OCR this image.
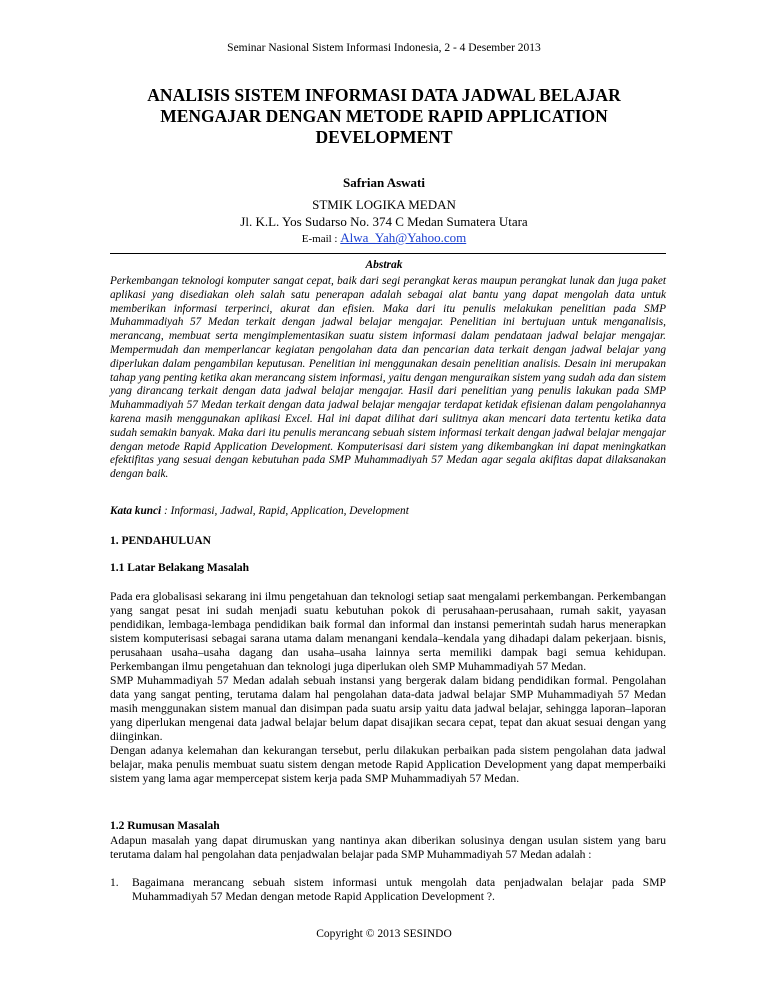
Seminar Nasional Sistem Informasi Indonesia, 2 - 4 Desember 2013
ANALISIS SISTEM INFORMASI DATA JADWAL BELAJAR MENGAJAR DENGAN METODE RAPID APPLICATION DEVELOPMENT
Safrian Aswati
STMIK LOGIKA MEDAN
Jl. K.L. Yos Sudarso No. 374 C Medan Sumatera Utara
E-mail : Alwa_Yah@Yahoo.com
Abstrak

Perkembangan teknologi komputer sangat cepat, baik dari segi perangkat keras maupun perangkat lunak dan juga paket aplikasi yang disediakan oleh salah satu penerapan adalah sebagai alat bantu yang dapat mengolah data untuk memberikan informasi terperinci, akurat dan efisien. Maka dari itu penulis melakukan penelitian pada SMP Muhammadiyah 57 Medan terkait dengan jadwal belajar mengajar. Penelitian ini bertujuan untuk menganalisis, merancang, membuat serta mengimplementasikan suatu sistem informasi dalam pendataan jadwal belajar mengajar. Mempermudah dan memperlancar kegiatan pengolahan data dan pencarian data terkait dengan jadwal belajar yang diperlukan dalam pengambilan keputusan. Penelitian ini menggunakan desain penelitian analisis. Desain ini merupakan tahap yang penting ketika akan merancang sistem informasi, yaitu dengan menguraikan sistem yang sudah ada dan sistem yang dirancang terkait dengan data jadwal belajar mengajar. Hasil dari penelitian yang penulis lakukan pada SMP Muhammadiyah 57 Medan terkait dengan data jadwal belajar mengajar terdapat ketidak efisienan dalam pengolahannya karena masih menggunakan aplikasi Excel. Hal ini dapat dilihat dari sulitnya akan mencari data tertentu ketika data sudah semakin banyak. Maka dari itu penulis merancang sebuah sistem informasi terkait dengan jadwal belajar mengajar dengan metode Rapid Application Development. Komputerisasi dari sistem yang dikembangkan ini dapat meningkatkan efektifitas yang sesuai dengan kebutuhan pada SMP Muhammadiyah 57 Medan agar segala akifitas dapat dilaksanakan dengan baik.

Kata kunci : Informasi, Jadwal, Rapid, Application, Development
1. PENDAHULUAN
1.1 Latar Belakang Masalah

Pada era globalisasi sekarang ini ilmu pengetahuan dan teknologi setiap saat mengalami perkembangan. Perkembangan yang sangat pesat ini sudah menjadi suatu kebutuhan pokok di perusahaan-perusahaan, rumah sakit, yayasan pendidikan, lembaga-lembaga pendidikan baik formal dan informal dan instansi pemerintah sudah harus menerapkan sistem komputerisasi sebagai sarana utama dalam menangani kendala–kendala yang dihadapi dalam pekerjaan. bisnis, perusahaan usaha–usaha dagang dan usaha–usaha lainnya serta memiliki dampak bagi semua kehidupan. Perkembangan ilmu pengetahuan dan teknologi juga diperlukan oleh SMP Muhammadiyah 57 Medan.

SMP Muhammadiyah 57 Medan adalah sebuah instansi yang bergerak dalam bidang pendidikan formal. Pengolahan data yang sangat penting, terutama dalam hal pengolahan data-data jadwal belajar SMP Muhammadiyah 57 Medan masih menggunakan sistem manual dan disimpan pada suatu arsip yaitu data jadwal belajar, sehingga laporan–laporan yang diperlukan mengenai data jadwal belajar belum dapat disajikan secara cepat, tepat dan akuat sesuai dengan yang diinginkan.

Dengan adanya kelemahan dan kekurangan tersebut, perlu dilakukan perbaikan pada sistem pengolahan data jadwal belajar, maka penulis membuat suatu sistem dengan metode Rapid Application Development yang dapat memperbaiki sistem yang lama agar mempercepat sistem kerja pada SMP Muhammadiyah 57 Medan.

1.2 Rumusan Masalah

Adapun masalah yang dapat dirumuskan yang nantinya akan diberikan solusinya dengan usulan sistem yang baru terutama dalam hal pengolahan data penjadwalan belajar pada SMP Muhammadiyah 57 Medan adalah :

1. Bagaimana merancang sebuah sistem informasi untuk mengolah data penjadwalan belajar pada SMP Muhammadiyah 57 Medan dengan metode Rapid Application Development ?.
Copyright © 2013 SESINDO
